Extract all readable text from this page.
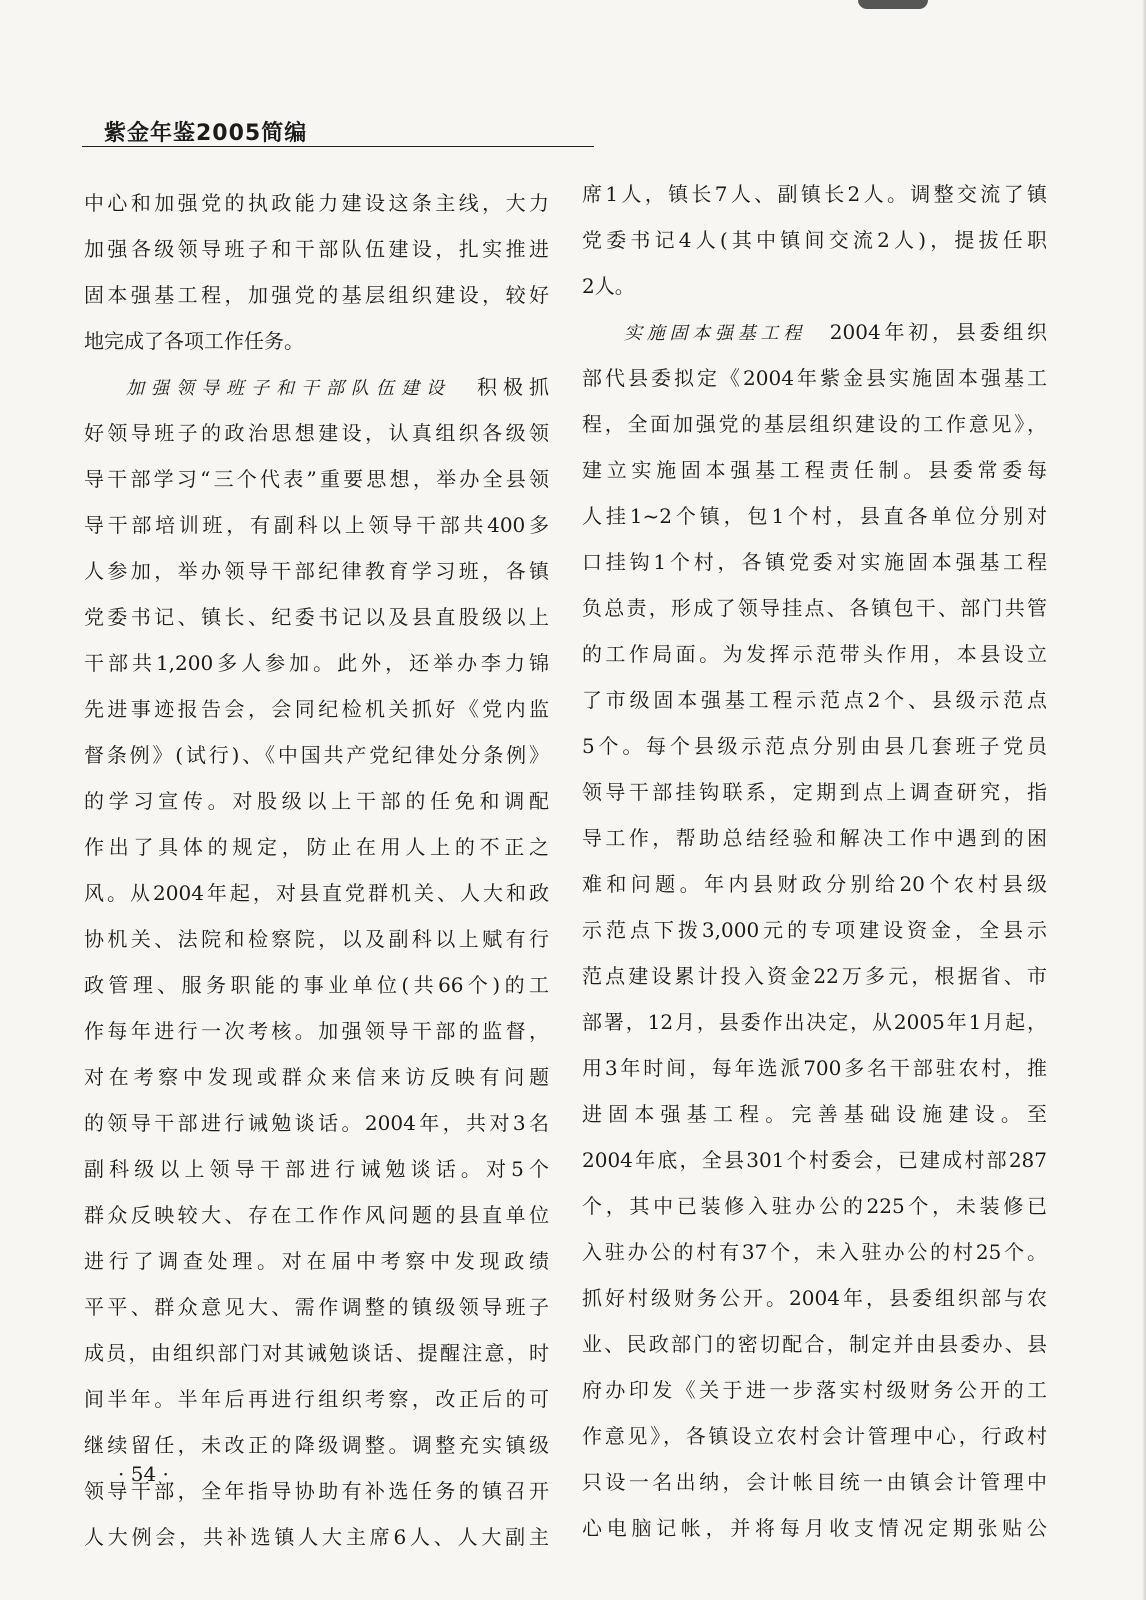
紫金年鉴2005简编
中心和加强党的执政能力建设这条主线，大力
加强各级领导班子和干部队伍建设，扎实推进
固本强基工程，加强党的基层组织建设，较好
地完成了各项工作任务。
加强领导班子和干部队伍建设　积极抓
好领导班子的政治思想建设，认真组织各级领
导干部学习“三个代表”重要思想，举办全县领
导干部培训班，有副科以上领导干部共400多
人参加，举办领导干部纪律教育学习班，各镇
党委书记、镇长、纪委书记以及县直股级以上
干部共1,200多人参加。此外，还举办李力锦
先进事迹报告会，会同纪检机关抓好《党内监
督条例》(试行)、《中国共产党纪律处分条例》
的学习宣传。对股级以上干部的任免和调配
作出了具体的规定，防止在用人上的不正之
风。从2004年起，对县直党群机关、人大和政
协机关、法院和检察院，以及副科以上赋有行
政管理、服务职能的事业单位(共66个)的工
作每年进行一次考核。加强领导干部的监督，
对在考察中发现或群众来信来访反映有问题
的领导干部进行诫勉谈话。2004年，共对3名
副科级以上领导干部进行诫勉谈话。对5个
群众反映较大、存在工作作风问题的县直单位
进行了调查处理。对在届中考察中发现政绩
平平、群众意见大、需作调整的镇级领导班子
成员，由组织部门对其诫勉谈话、提醒注意，时
间半年。半年后再进行组织考察，改正后的可
继续留任，未改正的降级调整。调整充实镇级
领导干部，全年指导协助有补选任务的镇召开
人大例会，共补选镇人大主席6人、人大副主
席1人，镇长7人、副镇长2人。调整交流了镇
党委书记4人(其中镇间交流2人)，提拔任职
2人。
实施固本强基工程　2004年初，县委组织
部代县委拟定《2004年紫金县实施固本强基工
程，全面加强党的基层组织建设的工作意见》，
建立实施固本强基工程责任制。县委常委每
人挂1~2个镇，包1个村，县直各单位分别对
口挂钩1个村，各镇党委对实施固本强基工程
负总责，形成了领导挂点、各镇包干、部门共管
的工作局面。为发挥示范带头作用，本县设立
了市级固本强基工程示范点2个、县级示范点
5个。每个县级示范点分别由县几套班子党员
领导干部挂钩联系，定期到点上调查研究，指
导工作，帮助总结经验和解决工作中遇到的困
难和问题。年内县财政分别给20个农村县级
示范点下拨3,000元的专项建设资金，全县示
范点建设累计投入资金22万多元，根据省、市
部署，12月，县委作出决定，从2005年1月起，
用3年时间，每年选派700多名干部驻农村，推
进固本强基工程。完善基础设施建设。至
2004年底，全县301个村委会，已建成村部287
个，其中已装修入驻办公的225个，未装修已
入驻办公的村有37个，未入驻办公的村25个。
抓好村级财务公开。2004年，县委组织部与农
业、民政部门的密切配合，制定并由县委办、县
府办印发《关于进一步落实村级财务公开的工
作意见》，各镇设立农村会计管理中心，行政村
只设一名出纳，会计帐目统一由镇会计管理中
心电脑记帐，并将每月收支情况定期张贴公
· 54 ·
